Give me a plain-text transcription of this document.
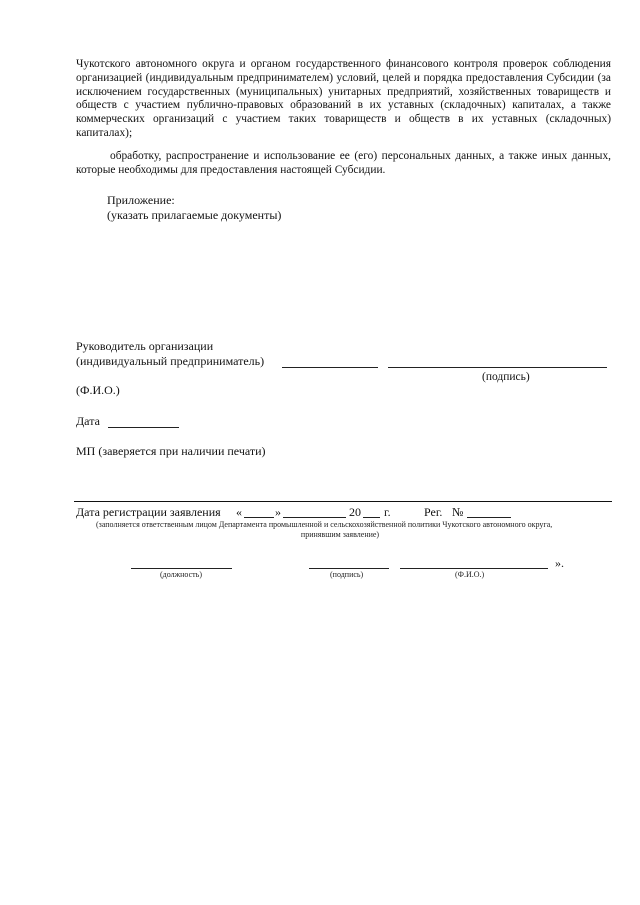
Чукотского автономного округа и органом государственного финансового контроля проверок соблюдения организацией (индивидуальным предпринимателем) условий, целей и порядка предоставления Субсидии (за исключением государственных (муниципальных) унитарных предприятий, хозяйственных товариществ и обществ с участием публично-правовых образований в их уставных (складочных) капиталах, а также коммерческих организаций с участием таких товариществ и обществ в их уставных (складочных) капиталах);
обработку, распространение и использование ее (его) персональных данных, а также иных данных, которые необходимы для предоставления настоящей Субсидии.
Приложение:
(указать прилагаемые документы)
Руководитель организации
(индивидуальный предприниматель)
(подпись)
(Ф.И.О.)
Дата
МП (заверяется при наличии печати)
Дата регистрации заявления «	»	20 г.	Рег. №
(заполняется ответственным лицом Департамента промышленной и сельскохозяйственной политики Чукотского автономного округа,
принявшим заявление)
».
(должность)	(подпись)	(Ф.И.О.)
